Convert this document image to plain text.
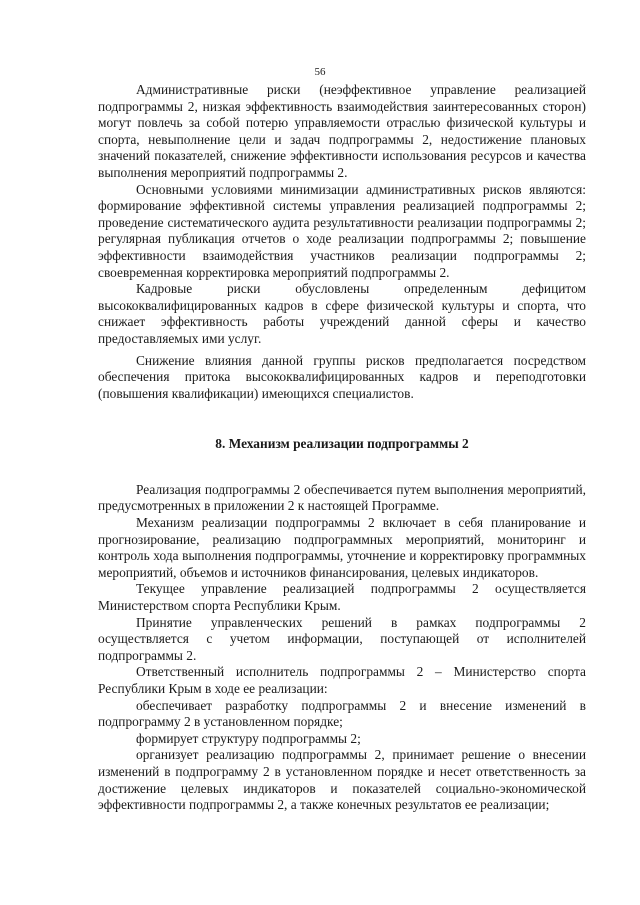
56

Административные риски (неэффективное управление реализацией подпрограммы 2, низкая эффективность взаимодействия заинтересованных сторон) могут повлечь за собой потерю управляемости отраслью физической культуры и спорта, невыполнение цели и задач подпрограммы 2, недостижение плановых значений показателей, снижение эффективности использования ресурсов и качества выполнения мероприятий подпрограммы 2.

Основными условиями минимизации административных рисков являются: формирование эффективной системы управления реализацией подпрограммы 2; проведение систематического аудита результативности реализации подпрограммы 2; регулярная публикация отчетов о ходе реализации подпрограммы 2; повышение эффективности взаимодействия участников реализации подпрограммы 2; своевременная корректировка мероприятий подпрограммы 2.

Кадровые риски обусловлены определенным дефицитом высококвалифицированных кадров в сфере физической культуры и спорта, что снижает эффективность работы учреждений данной сферы и качество предоставляемых ими услуг.

Снижение влияния данной группы рисков предполагается посредством обеспечения притока высококвалифицированных кадров и переподготовки (повышения квалификации) имеющихся специалистов.

8. Механизм реализации подпрограммы 2

Реализация подпрограммы 2 обеспечивается путем выполнения мероприятий, предусмотренных в приложении 2 к настоящей Программе.

Механизм реализации подпрограммы 2 включает в себя планирование и прогнозирование, реализацию подпрограммных мероприятий, мониторинг и контроль хода выполнения подпрограммы, уточнение и корректировку программных мероприятий, объемов и источников финансирования, целевых индикаторов.

Текущее управление реализацией подпрограммы 2 осуществляется Министерством спорта Республики Крым.

Принятие управленческих решений в рамках подпрограммы 2 осуществляется с учетом информации, поступающей от исполнителей подпрограммы 2.

Ответственный исполнитель подпрограммы 2 – Министерство спорта Республики Крым в ходе ее реализации:

обеспечивает разработку подпрограммы 2 и внесение изменений в подпрограмму 2 в установленном порядке;

формирует структуру подпрограммы 2;

организует реализацию подпрограммы 2, принимает решение о внесении изменений в подпрограмму 2 в установленном порядке и несет ответственность за достижение целевых индикаторов и показателей социально-экономической эффективности подпрограммы 2, а также конечных результатов ее реализации;
